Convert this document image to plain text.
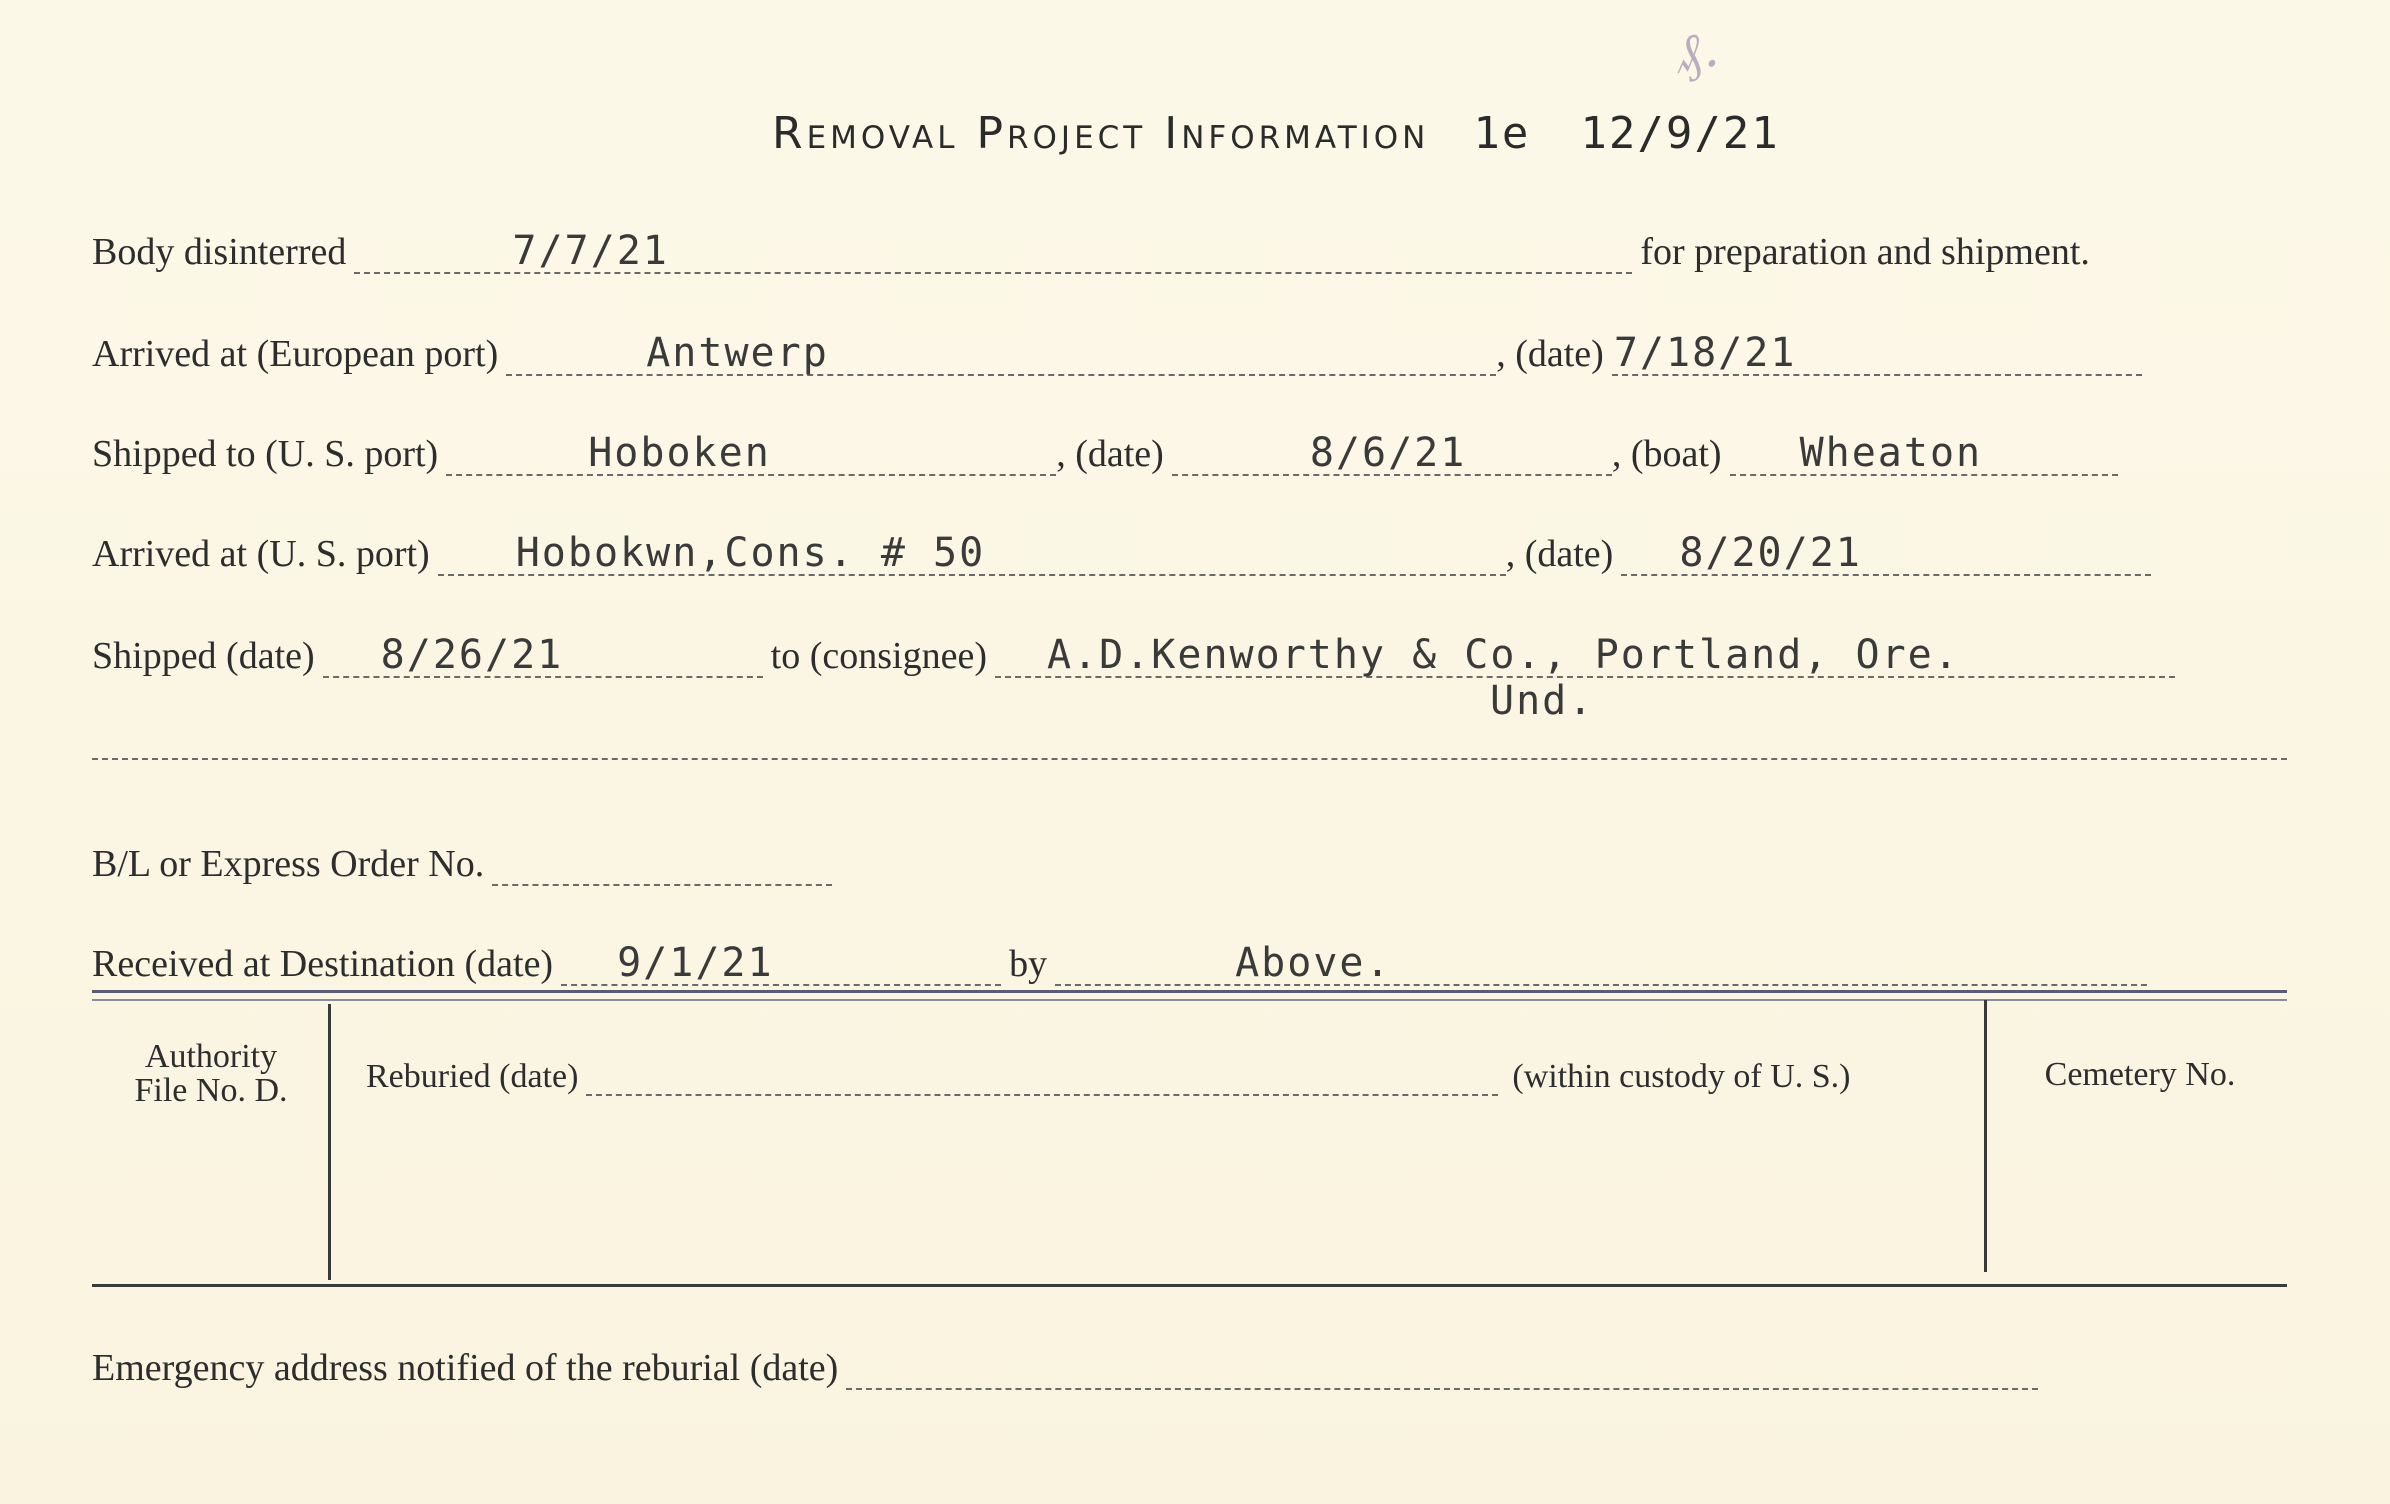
₰.
Removal Project Information 1e 12/9/21
Body disinterred	7/7/21	for preparation and shipment.
Arrived at (European port)	Antwerp	, (date) 7/18/21
Shipped to (U. S. port)	Hoboken	, (date)	8/6/21	, (boat) Wheaton
Arrived at (U. S. port) Hobokwn,Cons. # 50	, (date) 8/20/21
Shipped (date) 8/26/21	to (consignee) A.D.Kenworthy & Co., Portland, Ore.
Und.
B/L or Express Order No.
Received at Destination (date) 9/1/21	by	Above.
Authority
File No. D.	Reburied (date)	(within custody of U. S.)	Cemetery No.
Emergency address notified of the reburial (date)
